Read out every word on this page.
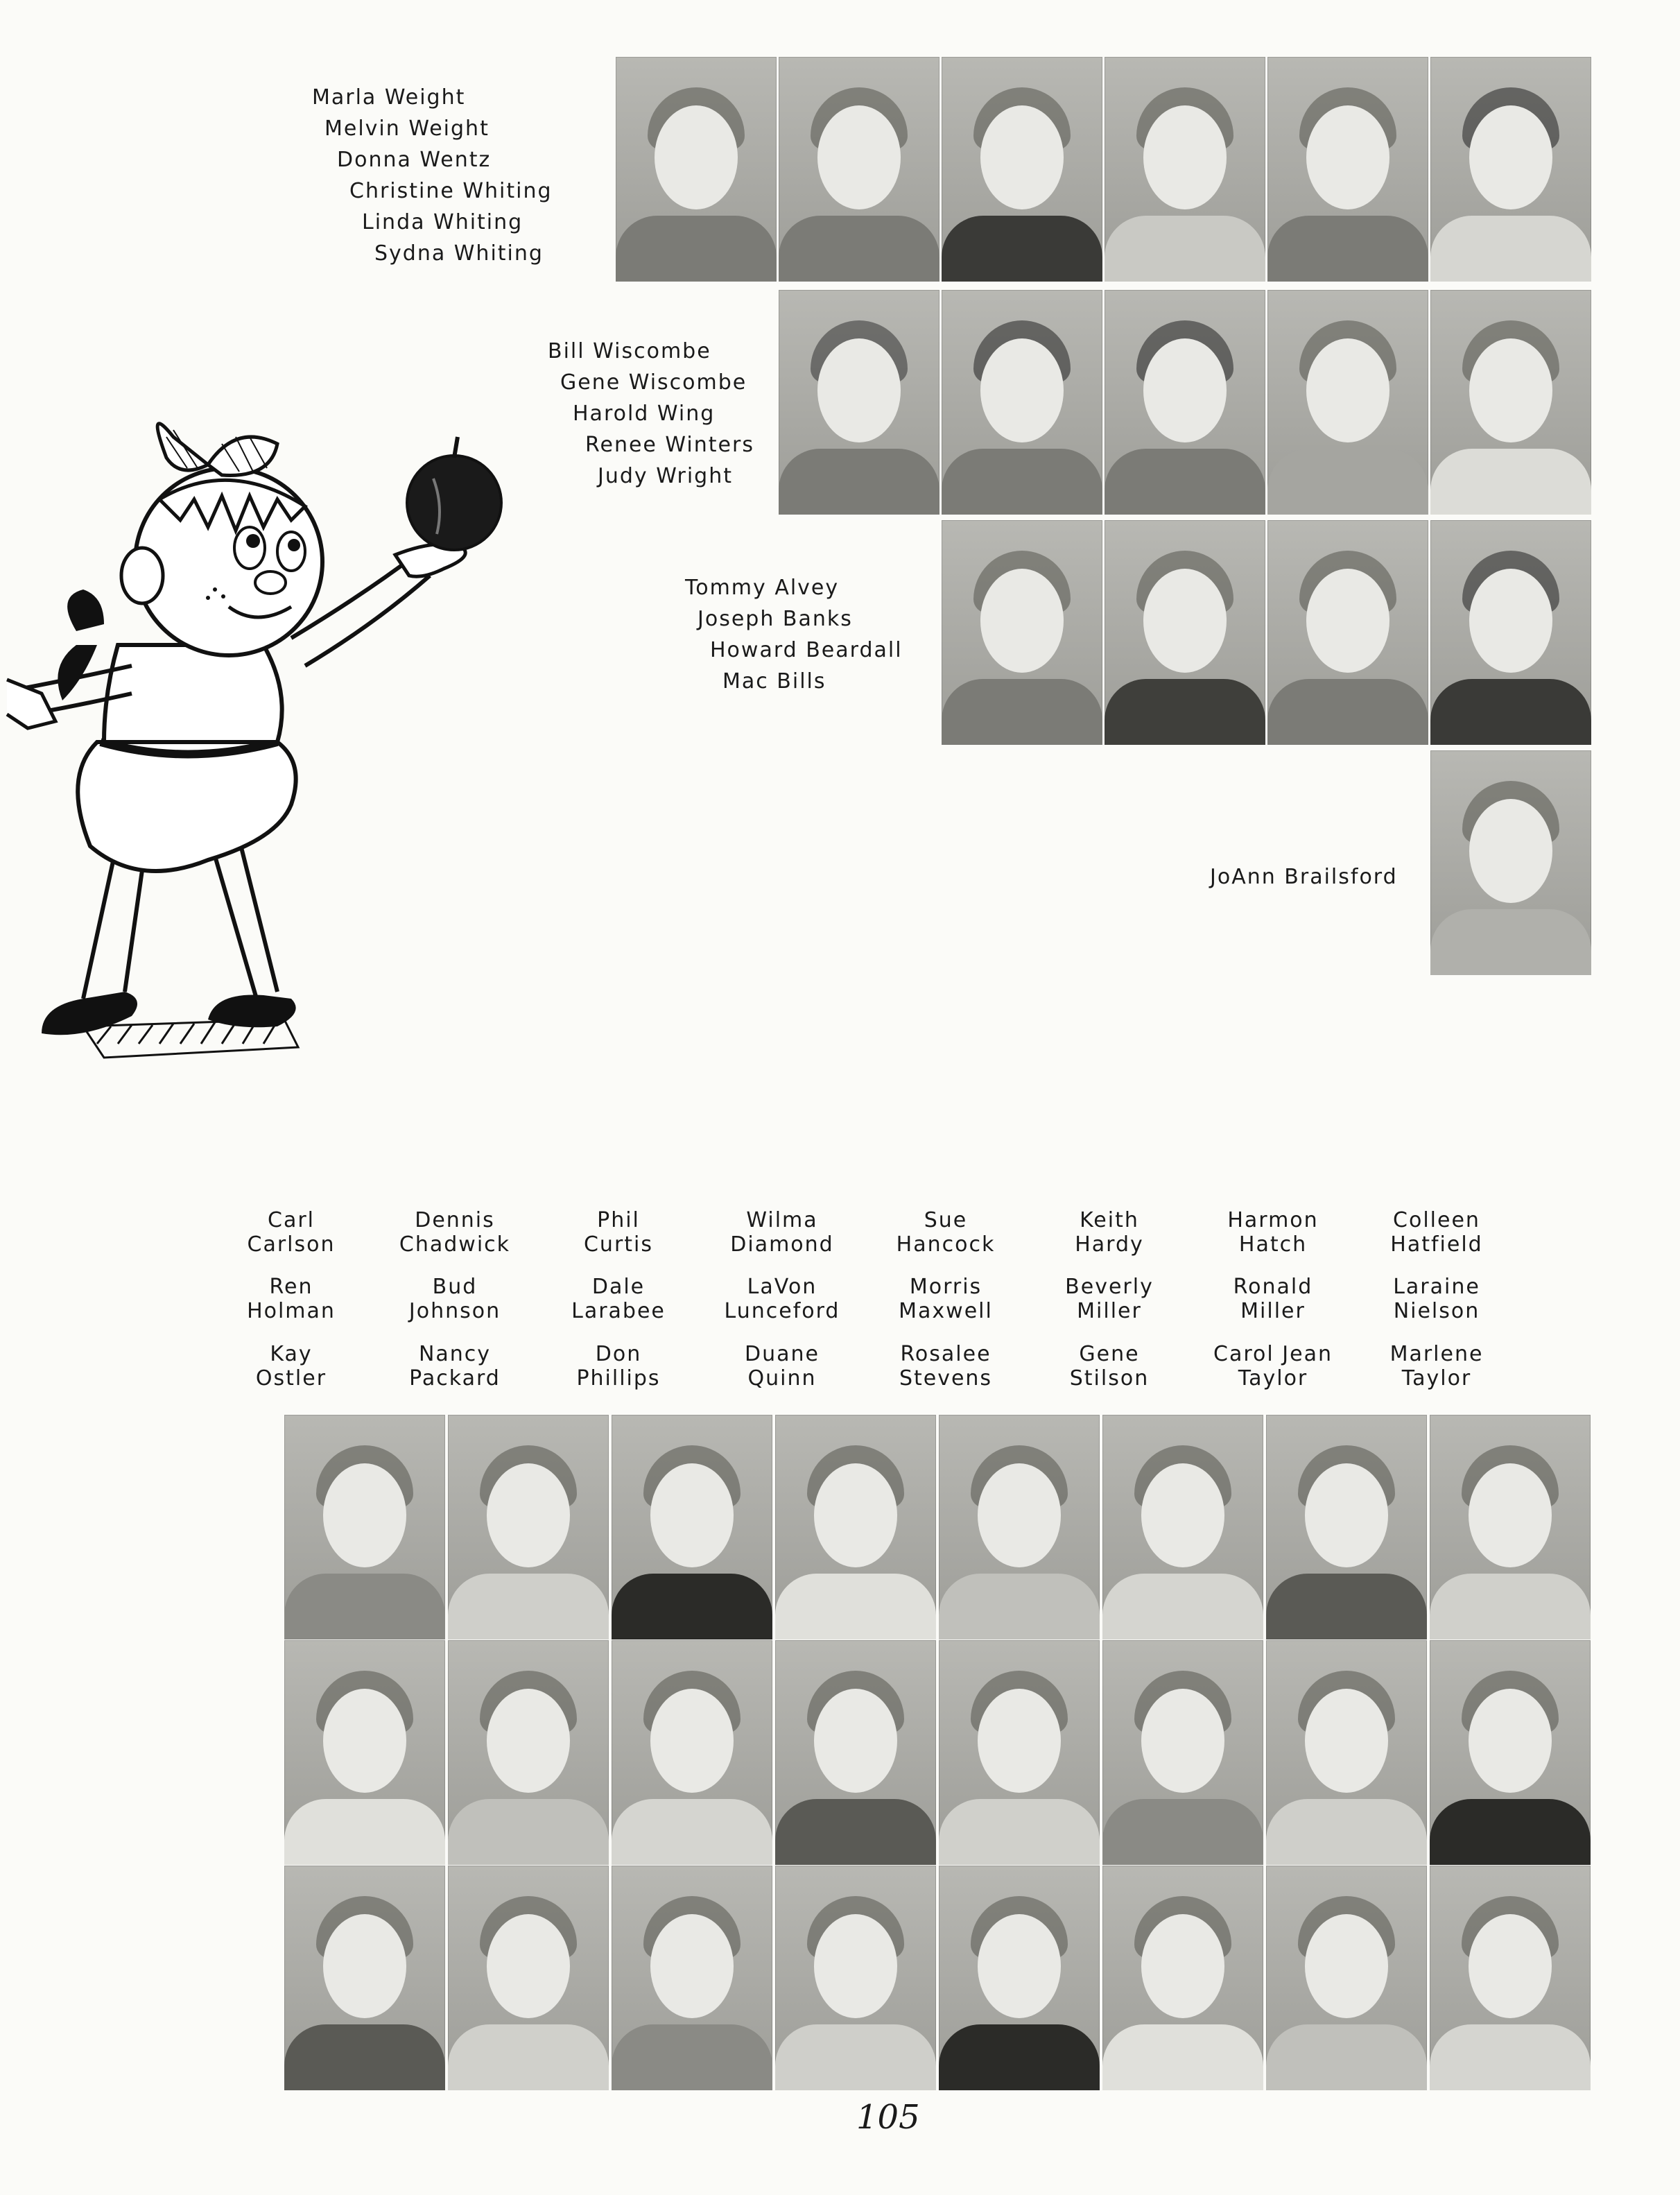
Marla Weight
Melvin Weight
Donna Wentz
Christine Whiting
Linda Whiting
Sydna Whiting
Bill Wiscombe
Gene Wiscombe
Harold Wing
Renee Winters
Judy Wright
Tommy Alvey
Joseph Banks
Howard Beardall
Mac Bills
JoAnn Brailsford
Carl
Carlson
Dennis
Chadwick
Phil
Curtis
Wilma
Diamond
Sue
Hancock
Keith
Hardy
Harmon
Hatch
Colleen
Hatfield
Ren
Holman
Bud
Johnson
Dale
Larabee
LaVon
Lunceford
Morris
Maxwell
Beverly
Miller
Ronald
Miller
Laraine
Nielson
Kay
Ostler
Nancy
Packard
Don
Phillips
Duane
Quinn
Rosalee
Stevens
Gene
Stilson
Carol Jean
Taylor
Marlene
Taylor
105
